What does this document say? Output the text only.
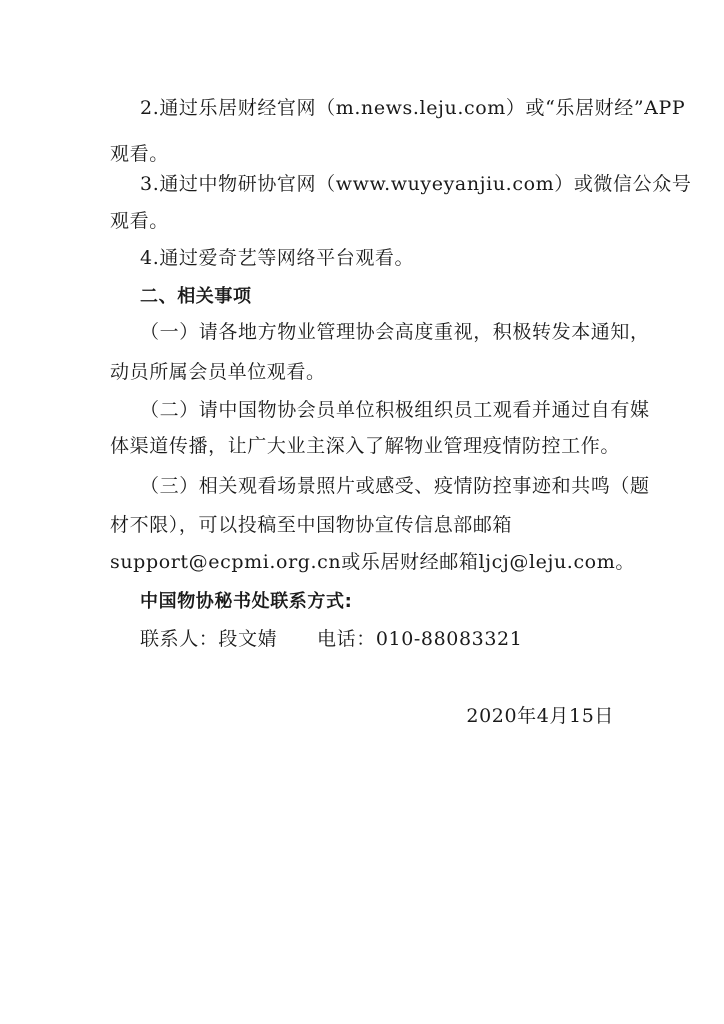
2.通过乐居财经官网（m.news.leju.com）或“乐居财经”APP
观看。
3.通过中物研协官网（www.wuyeyanjiu.com）或微信公众号
观看。
4.通过爱奇艺等网络平台观看。
二、相关事项
（一）请各地方物业管理协会高度重视，积极转发本通知，
动员所属会员单位观看。
（二）请中国物协会员单位积极组织员工观看并通过自有媒
体渠道传播，让广大业主深入了解物业管理疫情防控工作。
（三）相关观看场景照片或感受、疫情防控事迹和共鸣（题
材不限），可以投稿至中国物协宣传信息部邮箱
support@ecpmi.org.cn或乐居财经邮箱ljcj@leju.com。
中国物协秘书处联系方式:
联系人：段文婧      电话：010-88083321
2020年4月15日
